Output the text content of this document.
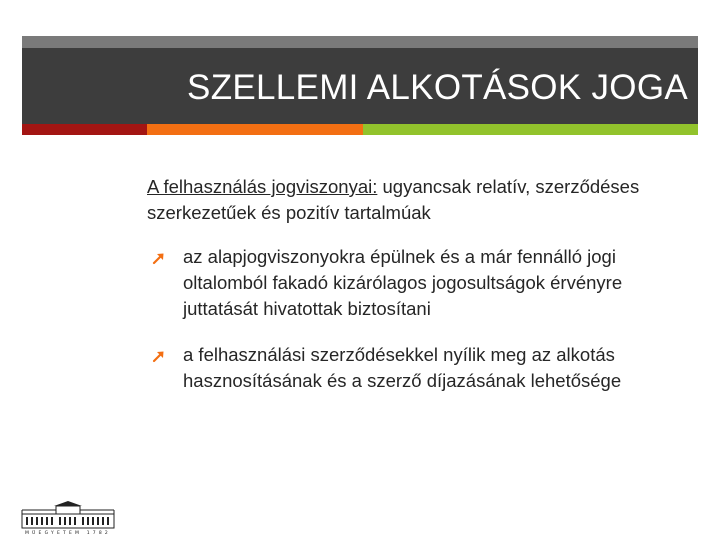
SZELLEMI ALKOTÁSOK JOGA

A felhasználás jogviszonyai: ugyancsak relatív, szerződéses szerkezetűek és pozitív tartalmúak

az alapjogviszonyokra épülnek és a már fennálló jogi oltalomból fakadó kizárólagos jogosultságok érvényre juttatását hivatottak biztosítani
a felhasználási szerződésekkel nyílik meg az alkotás hasznosításának és a szerző díjazásának lehetősége
MŰEGYETEM 1782
